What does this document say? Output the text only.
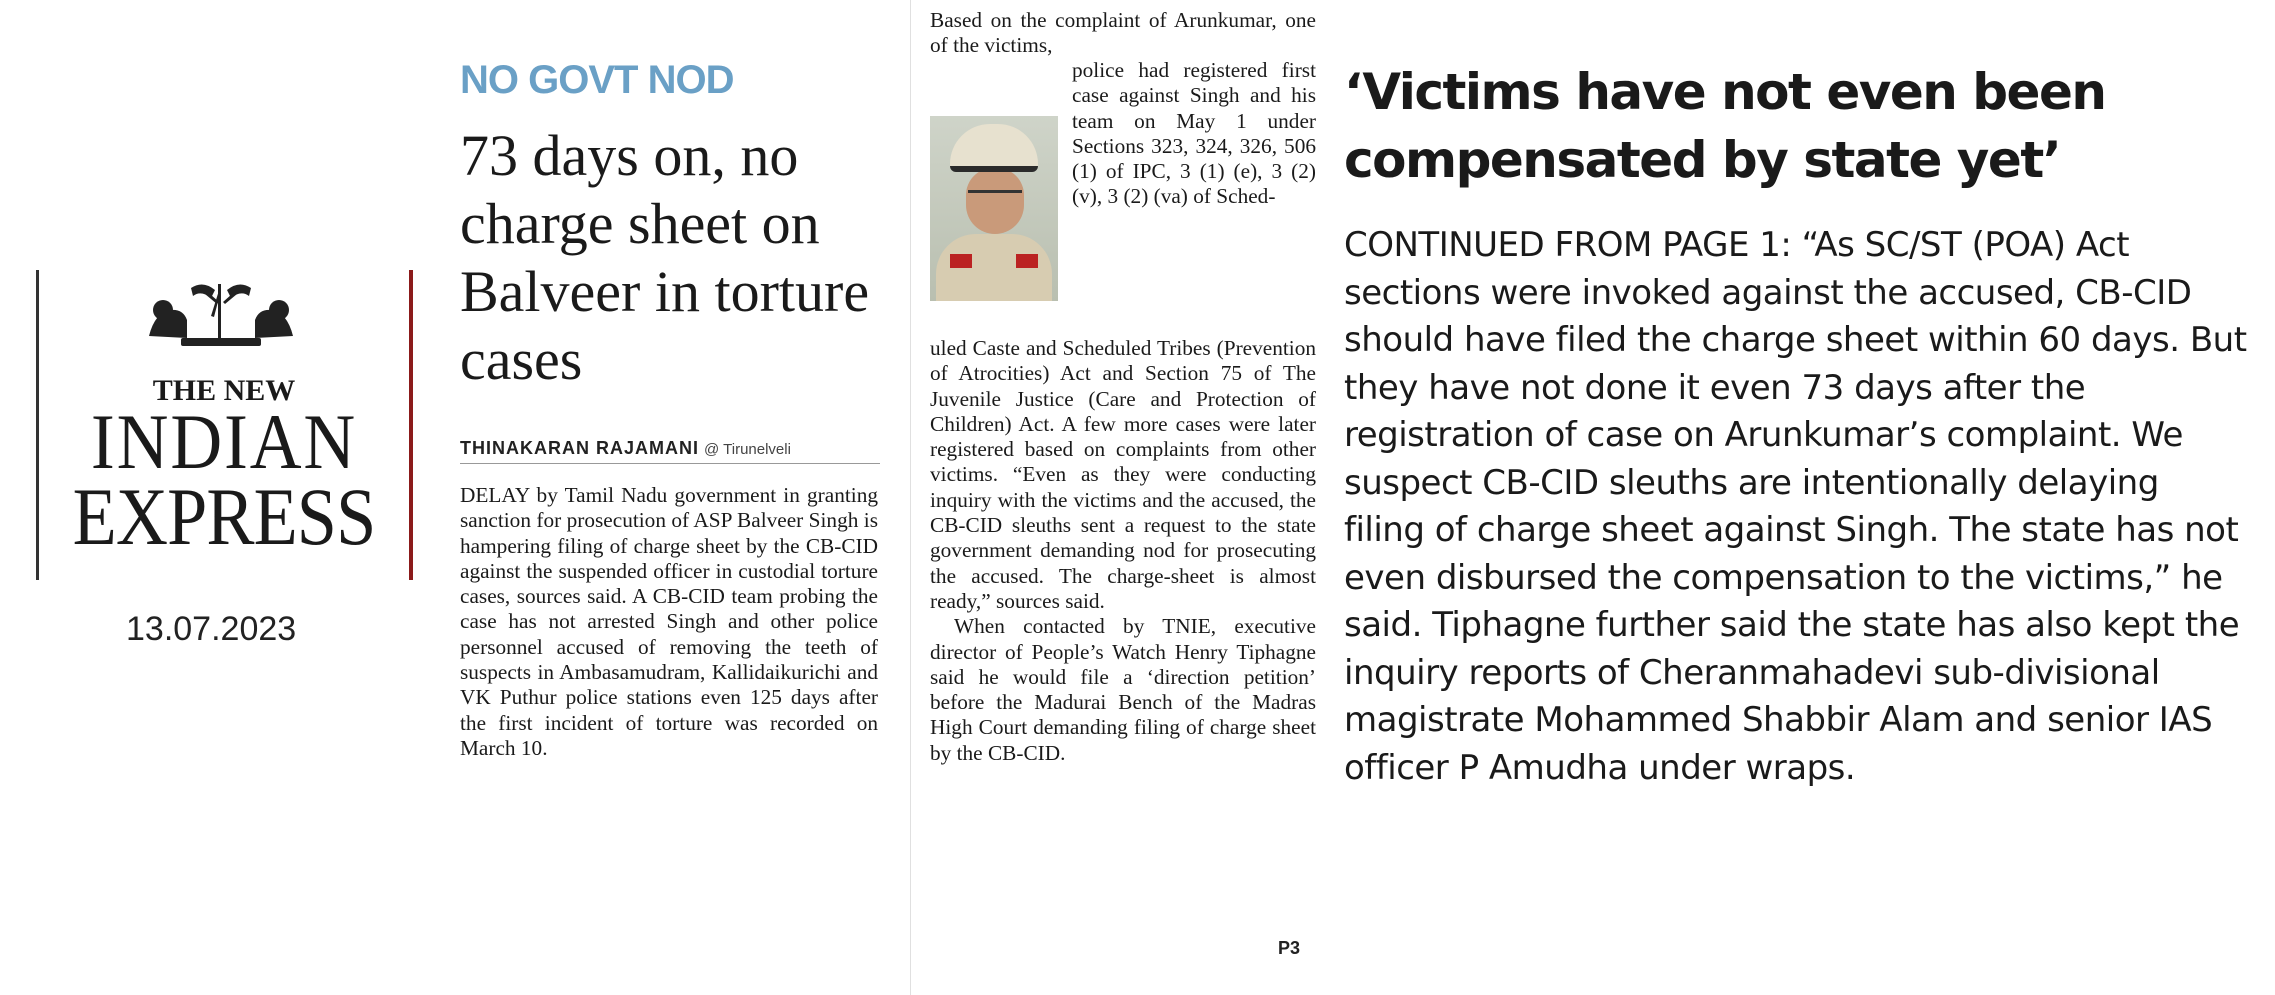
THE NEW
INDIAN
EXPRESS
13.07.2023
NO GOVT NOD
73 days on, no charge sheet on Balveer in torture cases
THINAKARAN RAJAMANI @ Tirunelveli
DELAY by Tamil Nadu government in granting sanction for prosecution of ASP Balveer Singh is hampering filing of charge sheet by the CB-CID against the suspended officer in custodial torture cases, sources said. A CB-CID team probing the case has not arrested Singh and other police personnel accused of removing the teeth of suspects in Ambasamudram, Kallidaikurichi and VK Puthur police stations even 125 days after the first incident of torture was recorded on March 10.
Based on the complaint of Arunkumar, one of the victims,
police had registered first case against Singh and his team on May 1 under Sections 323, 324, 326, 506 (1) of IPC, 3 (1) (e), 3 (2) (v), 3 (2) (va) of Sched-
uled Caste and Scheduled Tribes (Prevention of Atrocities) Act and Section 75 of The Juvenile Justice (Care and Protection of Children) Act. A few more cases were later registered based on complaints from other victims. “Even as they were conducting inquiry with the victims and the accused, the CB-CID sleuths sent a request to the state government demanding nod for prosecuting the accused. The charge-sheet is almost ready,” sources said.
When contacted by TNIE, executive director of People’s Watch Henry Tiphagne said he would file a ‘direction petition’ before the Madurai Bench of the Madras High Court demanding filing of charge sheet by the CB-CID.
P3
‘Victims have not even been compensated by state yet’
CONTINUED FROM PAGE 1: “As SC/ST (POA) Act sections were invoked against the accused, CB-CID should have filed the charge sheet within 60 days. But they have not done it even 73 days after the registration of case on Arunkumar’s complaint. We suspect CB-CID sleuths are intentionally delaying filing of charge sheet against Singh. The state has not even disbursed the compensation to the victims,” he said. Tiphagne further said the state has also kept the inquiry reports of Cheranmahadevi sub-divisional magistrate Mohammed Shabbir Alam and senior IAS officer P Amudha under wraps.
